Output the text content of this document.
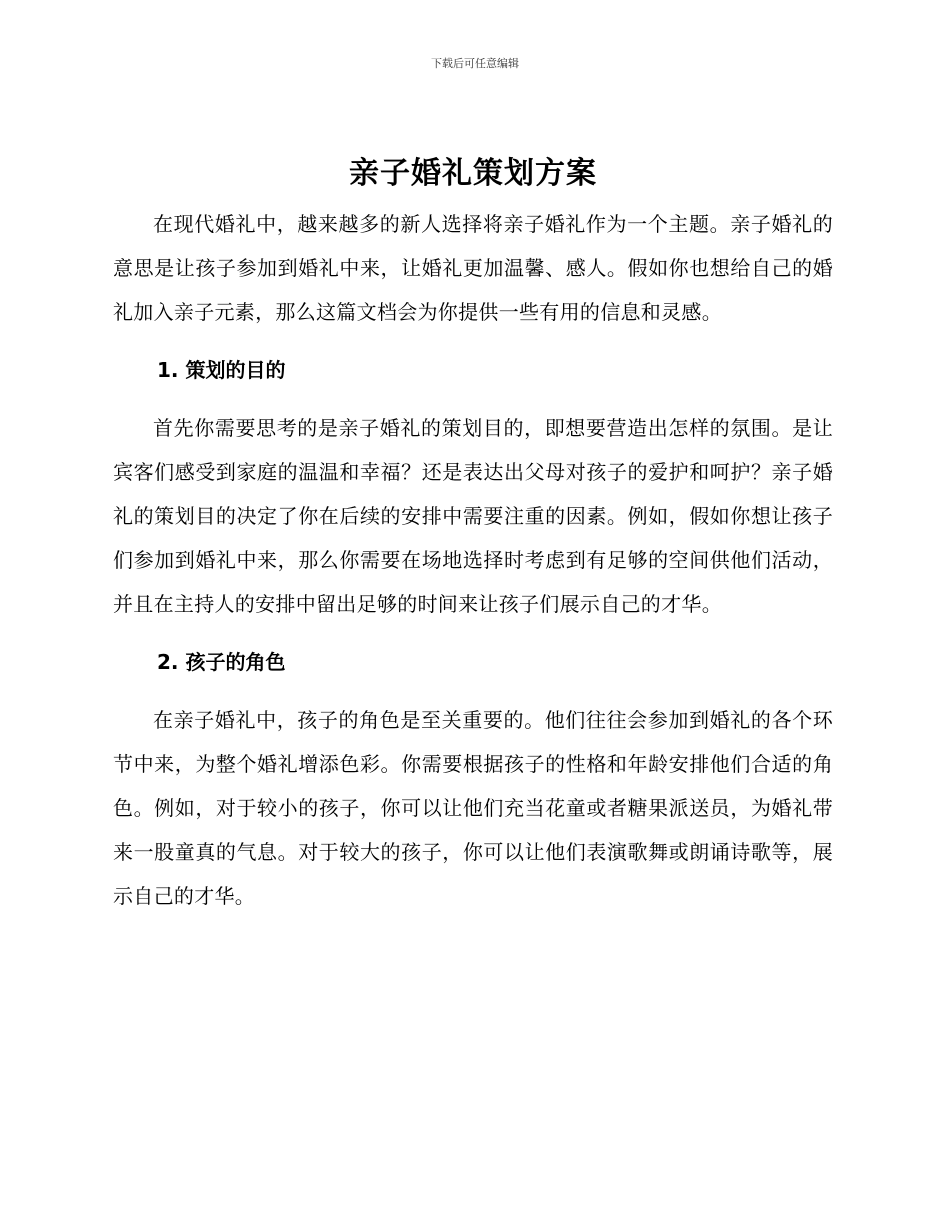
下载后可任意编辑
亲子婚礼策划方案

在现代婚礼中，越来越多的新人选择将亲子婚礼作为一个主题。亲子婚礼的意思是让孩子参加到婚礼中来，让婚礼更加温馨、感人。假如你也想给自己的婚礼加入亲子元素，那么这篇文档会为你提供一些有用的信息和灵感。

1. 策划的目的

首先你需要思考的是亲子婚礼的策划目的，即想要营造出怎样的氛围。是让宾客们感受到家庭的温温和幸福？还是表达出父母对孩子的爱护和呵护？亲子婚礼的策划目的决定了你在后续的安排中需要注重的因素。例如，假如你想让孩子们参加到婚礼中来，那么你需要在场地选择时考虑到有足够的空间供他们活动，并且在主持人的安排中留出足够的时间来让孩子们展示自己的才华。

2. 孩子的角色

在亲子婚礼中，孩子的角色是至关重要的。他们往往会参加到婚礼的各个环节中来，为整个婚礼增添色彩。你需要根据孩子的性格和年龄安排他们合适的角色。例如，对于较小的孩子，你可以让他们充当花童或者糖果派送员，为婚礼带来一股童真的气息。对于较大的孩子，你可以让他们表演歌舞或朗诵诗歌等，展示自己的才华。
